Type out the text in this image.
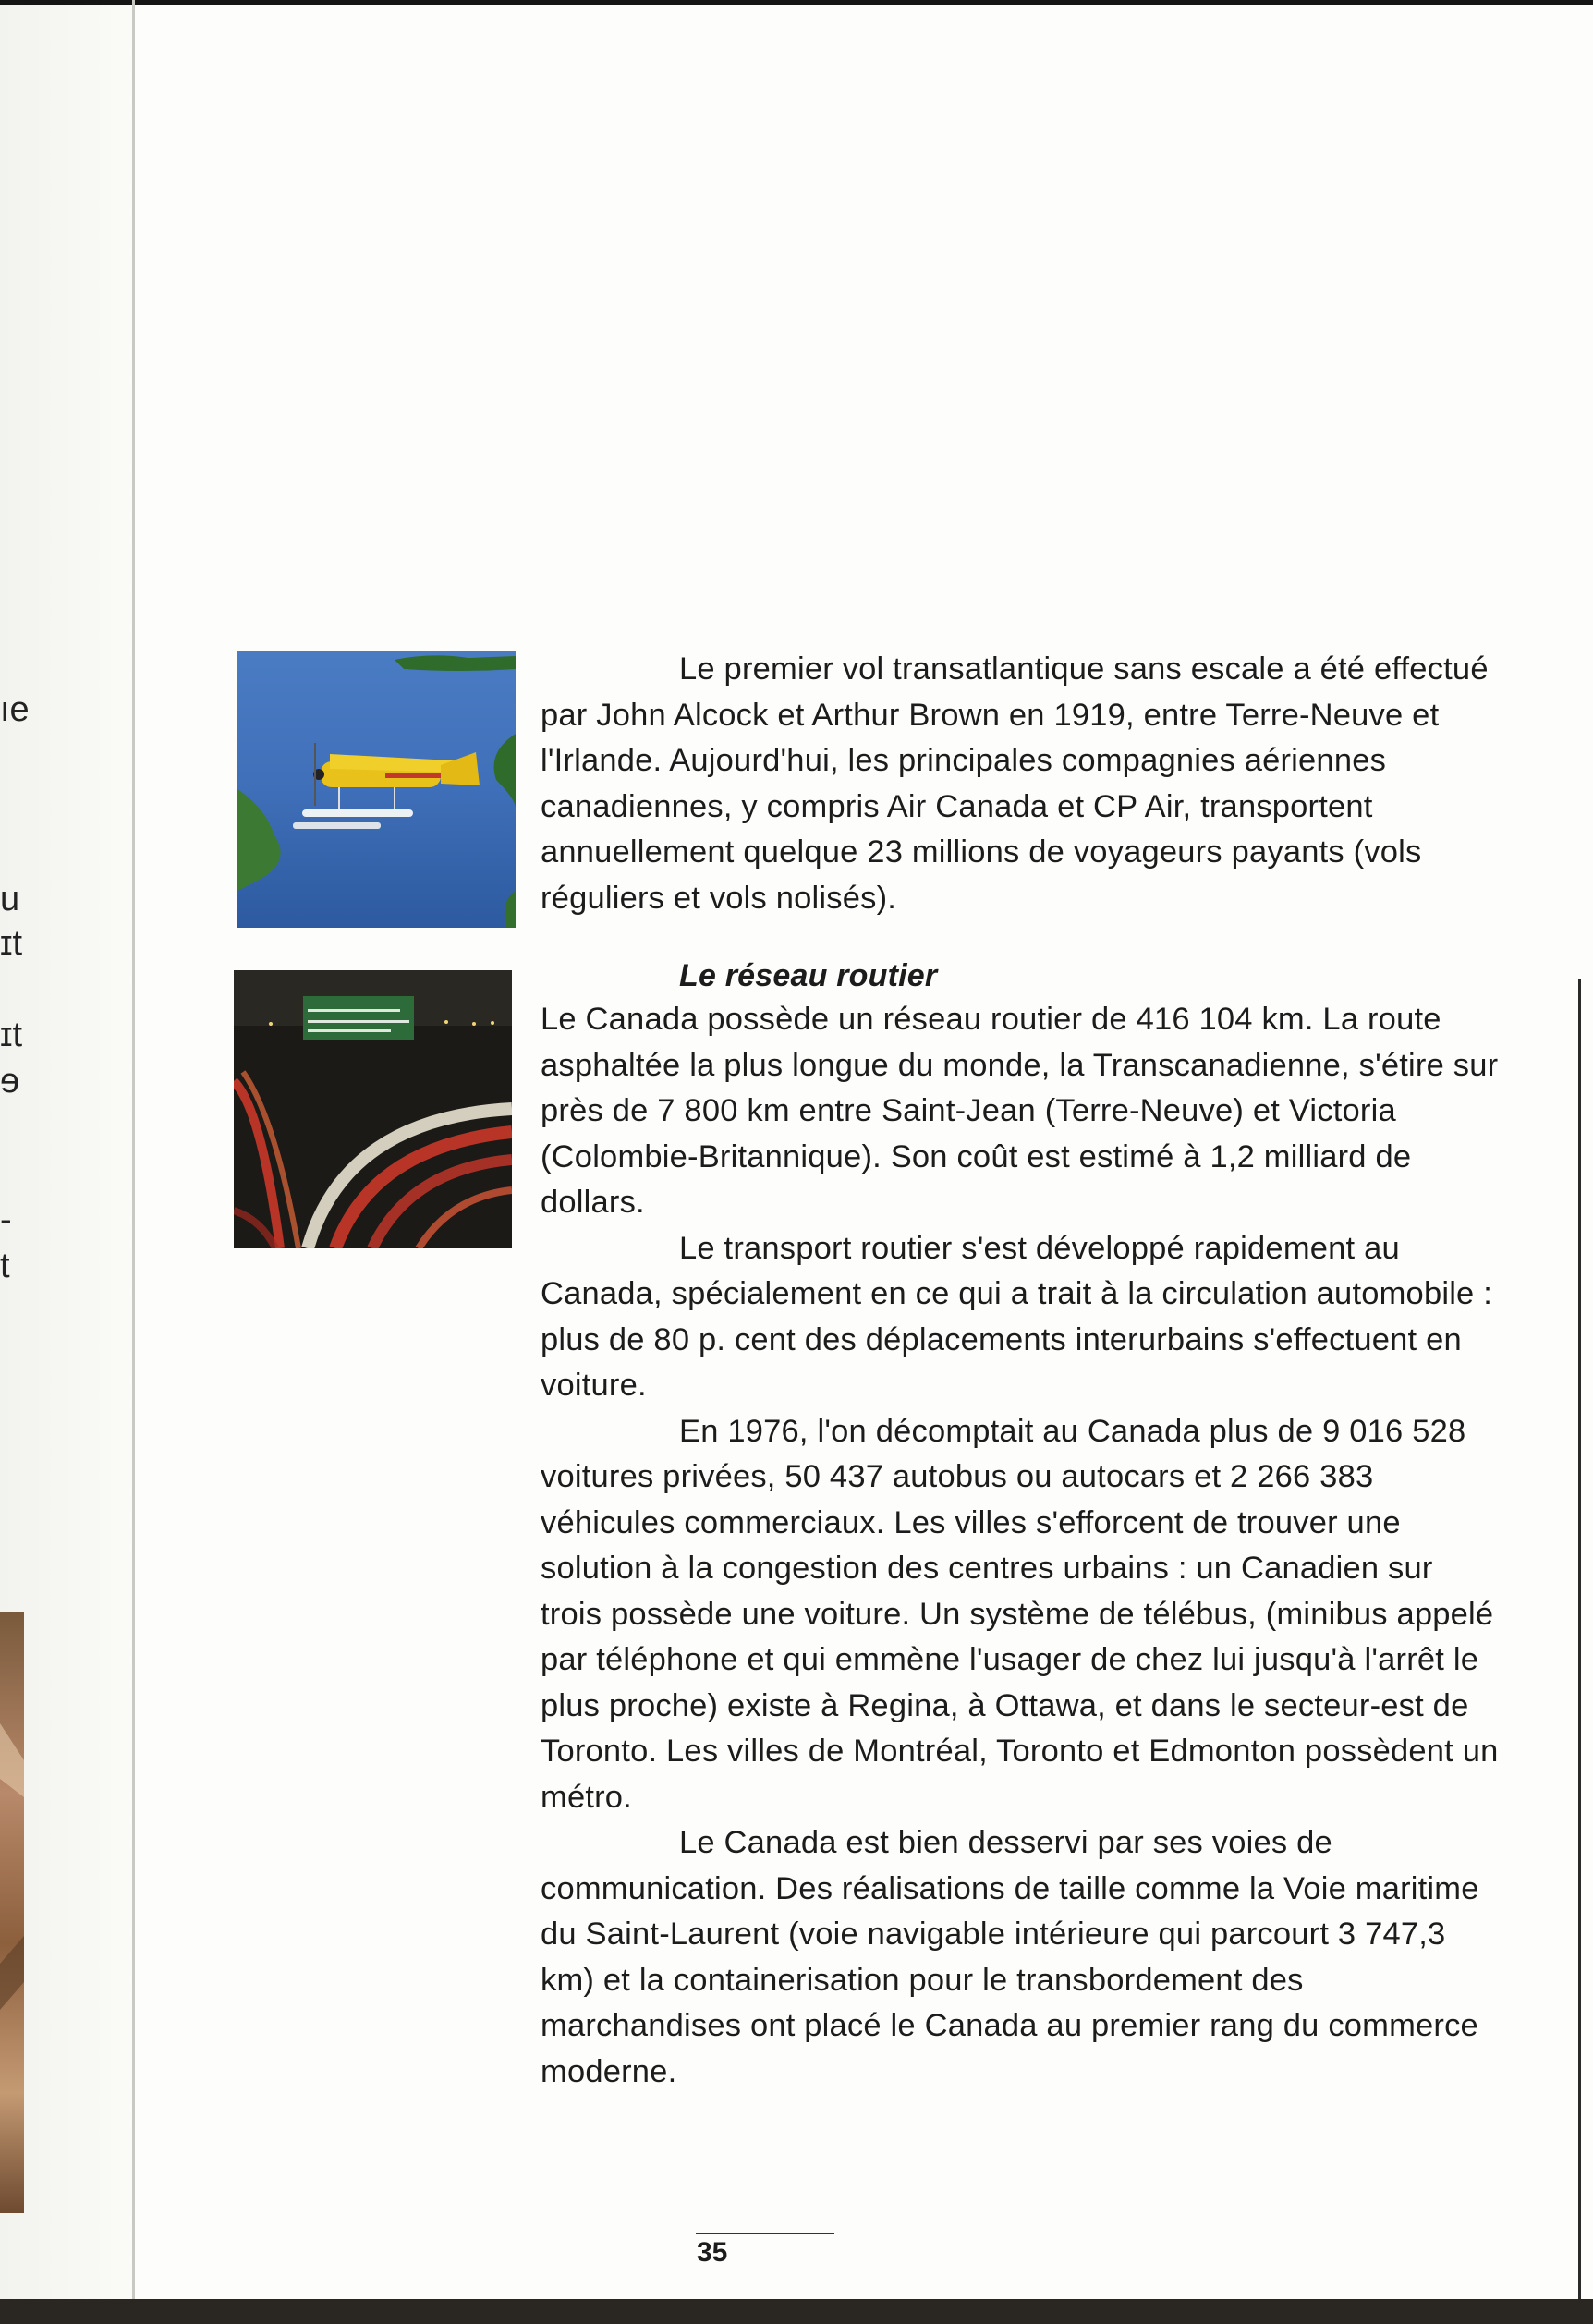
ıe
u
ɪt
ɪt
ɘ
-
t

Le premier vol transatlantique sans escale a été effectué par John Alcock et Arthur Brown en 1919, entre Terre-Neuve et l'Irlande. Aujourd'hui, les principales compagnies aériennes canadiennes, y compris Air Canada et CP Air, transportent annuellement quelque 23 millions de voyageurs payants (vols réguliers et vols nolisés).

Le réseau routier

Le Canada possède un réseau routier de 416 104 km. La route asphaltée la plus longue du monde, la Transcanadienne, s'étire sur près de 7 800 km entre Saint-Jean (Terre-Neuve) et Victoria (Colombie-Britannique). Son coût est estimé à 1,2 milliard de dollars.

Le transport routier s'est développé rapidement au Canada, spécialement en ce qui a trait à la circulation automobile : plus de 80 p. cent des déplacements interurbains s'effectuent en voiture.

En 1976, l'on décomptait au Canada plus de 9 016 528 voitures privées, 50 437 autobus ou autocars et 2 266 383 véhicules commerciaux. Les villes s'efforcent de trouver une solution à la congestion des centres urbains : un Canadien sur trois possède une voiture. Un système de télébus, (minibus appelé par téléphone et qui emmène l'usager de chez lui jusqu'à l'arrêt le plus proche) existe à Regina, à Ottawa, et dans le secteur-est de Toronto. Les villes de Montréal, Toronto et Edmonton possèdent un métro.

Le Canada est bien desservi par ses voies de communication. Des réalisations de taille comme la Voie maritime du Saint-Laurent (voie navigable intérieure qui parcourt 3 747,3 km) et la containerisation pour le transbordement des marchandises ont placé le Canada au premier rang du commerce moderne.

35
